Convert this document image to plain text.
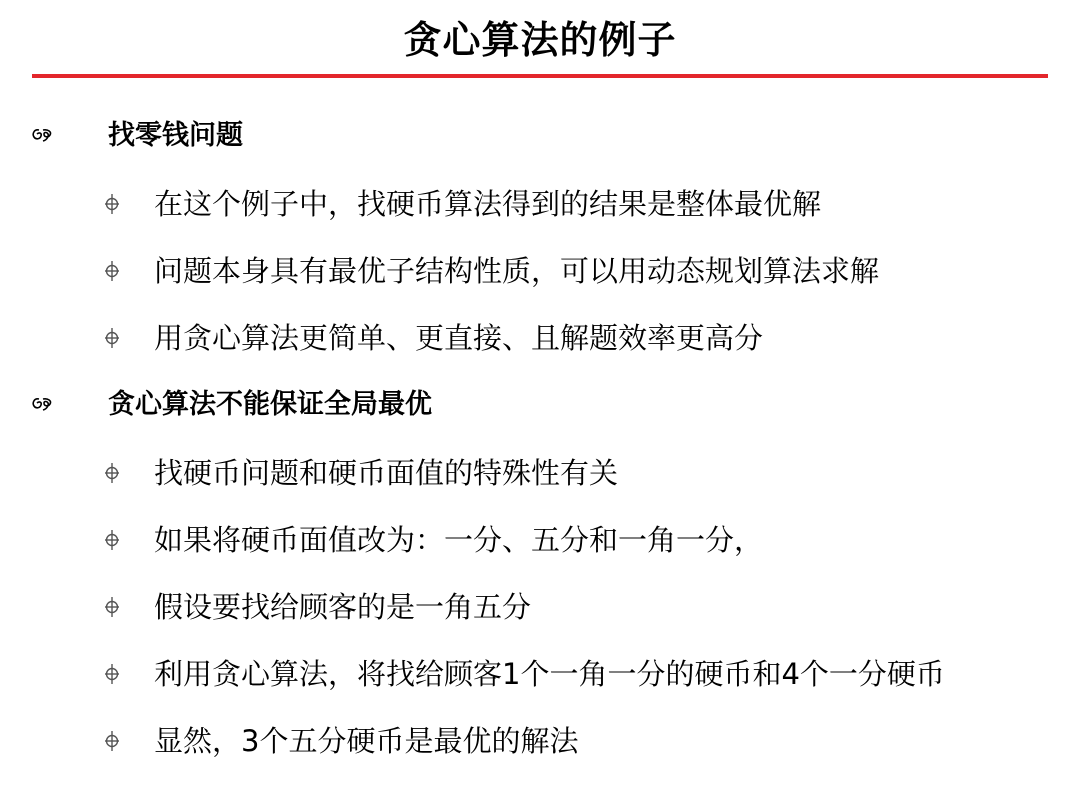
贪心算法的例子
找零钱问题
在这个例子中，找硬币算法得到的结果是整体最优解
问题本身具有最优子结构性质，可以用动态规划算法求解
用贪心算法更简单、更直接、且解题效率更高分
贪心算法不能保证全局最优
找硬币问题和硬币面值的特殊性有关
如果将硬币面值改为：一分、五分和一角一分，
假设要找给顾客的是一角五分
利用贪心算法，将找给顾客1个一角一分的硬币和4个一分硬币
显然，3个五分硬币是最优的解法
